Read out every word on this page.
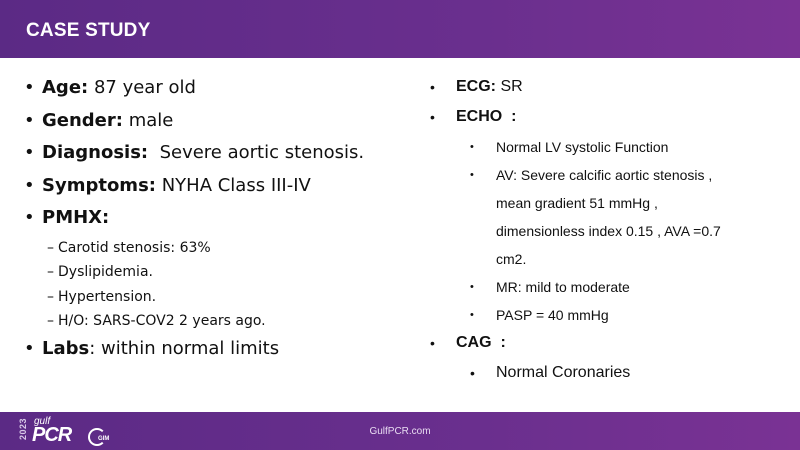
CASE STUDY
• Age: 87 year old
• Gender: male
• Diagnosis:  Severe aortic stenosis.
• Symptoms: NYHA Class III-IV
• PMHX:
– Carotid stenosis: 63%
– Dyslipidemia.
– Hypertension.
– H/O: SARS-COV2 2 years ago.
• Labs: within normal limits
• ECG: SR
• ECHO  :
• Normal LV systolic Function
• AV: Severe calcific aortic stenosis ,
mean gradient 51 mmHg ,
dimensionless index 0.15 , AVA =0.7
cm2.
• MR: mild to moderate
• PASP = 40 mmHg
• CAG  :
• Normal Coronaries
GulfPCR.com
2023 gulf
PCR	GIM
